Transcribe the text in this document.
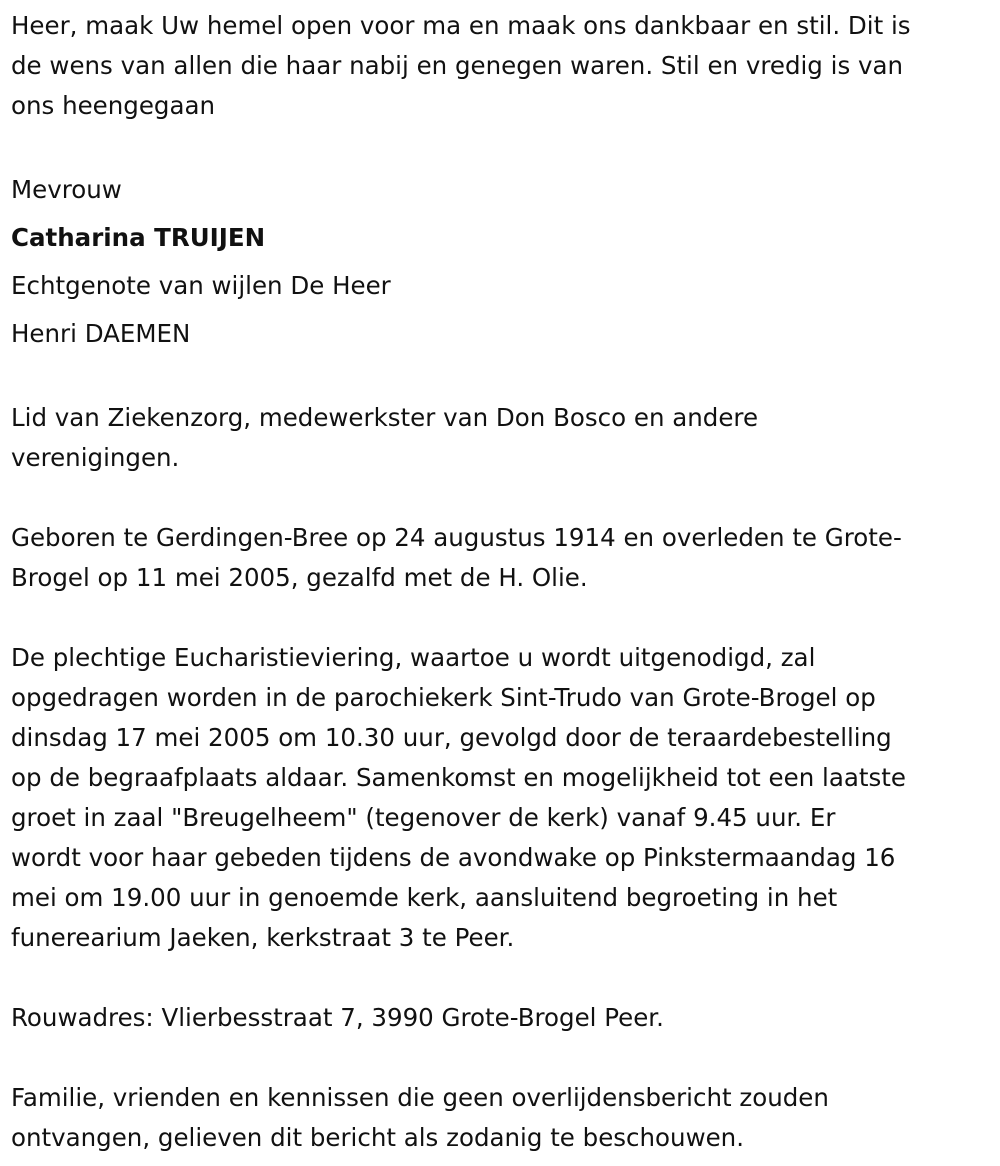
Heer, maak Uw hemel open voor ma en maak ons dankbaar en stil. Dit is
de wens van allen die haar nabij en genegen waren. Stil en vredig is van
ons heengegaan

Mevrouw

Catharina TRUIJEN

Echtgenote van wijlen De Heer

Henri DAEMEN

Lid van Ziekenzorg, medewerkster van Don Bosco en andere
verenigingen.

Geboren te Gerdingen-Bree op 24 augustus 1914 en overleden te Grote-
Brogel op 11 mei 2005, gezalfd met de H. Olie.

De plechtige Eucharistieviering, waartoe u wordt uitgenodigd, zal
opgedragen worden in de parochiekerk Sint-Trudo van Grote-Brogel op
dinsdag 17 mei 2005 om 10.30 uur, gevolgd door de teraardebestelling
op de begraafplaats aldaar. Samenkomst en mogelijkheid tot een laatste
groet in zaal "Breugelheem" (tegenover de kerk) vanaf 9.45 uur. Er
wordt voor haar gebeden tijdens de avondwake op Pinkstermaandag 16
mei om 19.00 uur in genoemde kerk, aansluitend begroeting in het
funerearium Jaeken, kerkstraat 3 te Peer.

Rouwadres: Vlierbesstraat 7, 3990 Grote-Brogel Peer.

Familie, vrienden en kennissen die geen overlijdensbericht zouden
ontvangen, gelieven dit bericht als zodanig te beschouwen.
